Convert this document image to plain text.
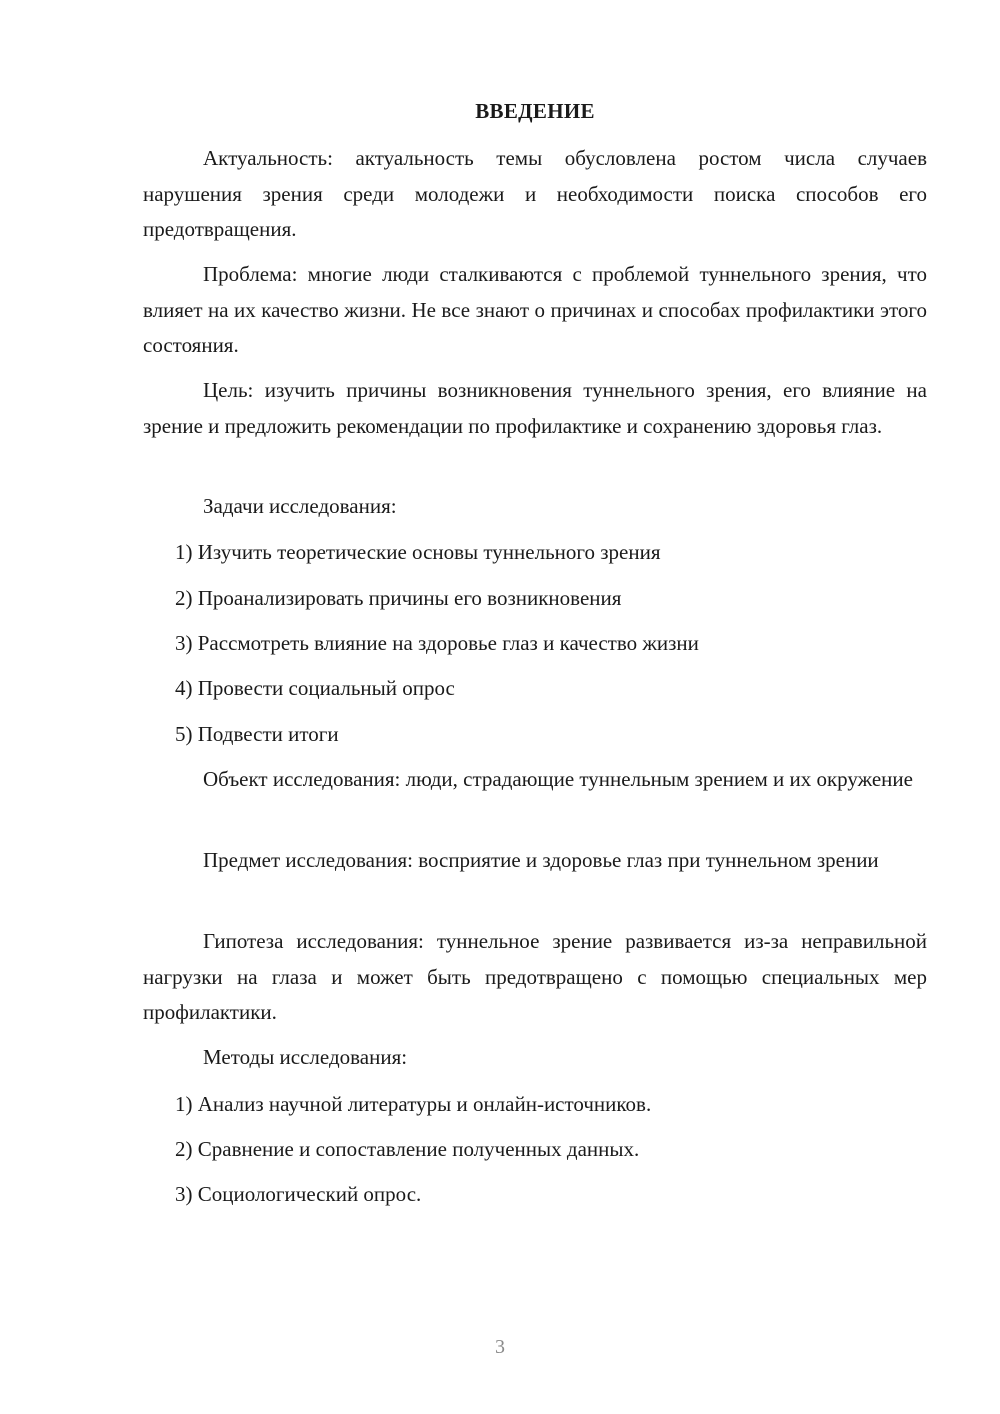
ВВЕДЕНИЕ

Актуальность: актуальность темы обусловлена ростом числа случаев нарушения зрения среди молодежи и необходимости поиска способов его предотвращения.

Проблема: многие люди сталкиваются с проблемой туннельного зрения, что влияет на их качество жизни. Не все знают о причинах и способах профилактики этого состояния.

Цель: изучить причины возникновения туннельного зрения, его влияние на зрение и предложить рекомендации по профилактике и сохранению здоровья глаз.

Задачи исследования:

1) Изучить теоретические основы туннельного зрения

2) Проанализировать причины его возникновения

3) Рассмотреть влияние на здоровье глаз и качество жизни

4) Провести социальный опрос

5) Подвести итоги

Объект исследования: люди, страдающие туннельным зрением и их окружение

Предмет исследования: восприятие и здоровье глаз при туннельном зрении

Гипотеза исследования: туннельное зрение развивается из-за неправильной нагрузки на глаза и может быть предотвращено с помощью специальных мер профилактики.

Методы исследования:

1) Анализ научной литературы и онлайн-источников.

2) Сравнение и сопоставление полученных данных.

3) Социологический опрос.

3
